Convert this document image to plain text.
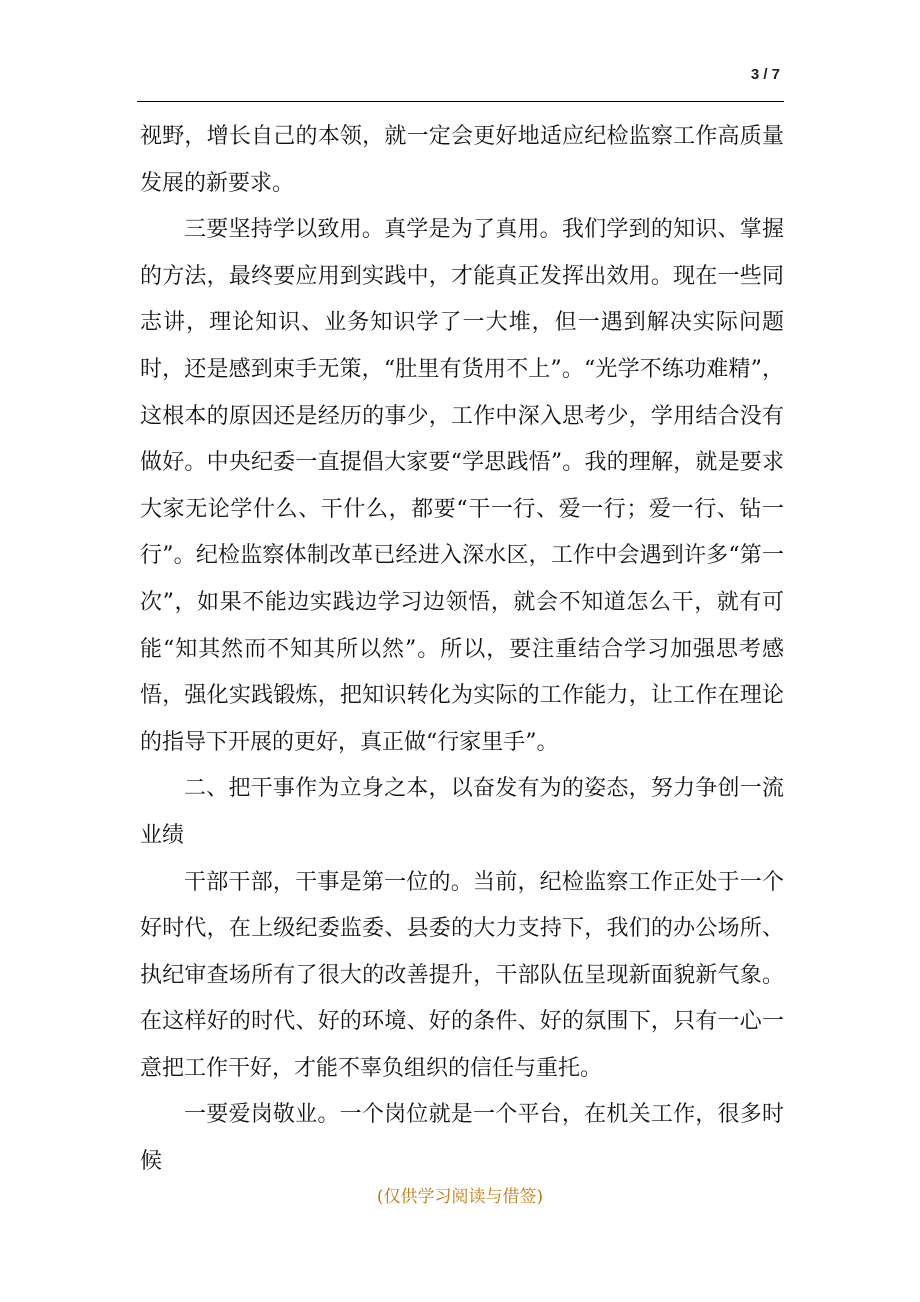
3 / 7

视野，增长自己的本领，就一定会更好地适应纪检监察工作高质量发展的新要求。

三要坚持学以致用。真学是为了真用。我们学到的知识、掌握的方法，最终要应用到实践中，才能真正发挥出效用。现在一些同志讲，理论知识、业务知识学了一大堆，但一遇到解决实际问题时，还是感到束手无策，“肚里有货用不上”。“光学不练功难精”，这根本的原因还是经历的事少，工作中深入思考少，学用结合没有做好。中央纪委一直提倡大家要“学思践悟”。我的理解，就是要求大家无论学什么、干什么，都要“干一行、爱一行；爱一行、钻一行”。纪检监察体制改革已经进入深水区，工作中会遇到许多“第一次”，如果不能边实践边学习边领悟，就会不知道怎么干，就有可能“知其然而不知其所以然”。所以，要注重结合学习加强思考感悟，强化实践锻炼，把知识转化为实际的工作能力，让工作在理论的指导下开展的更好，真正做“行家里手”。

二、把干事作为立身之本，以奋发有为的姿态，努力争创一流业绩

干部干部，干事是第一位的。当前，纪检监察工作正处于一个好时代，在上级纪委监委、县委的大力支持下，我们的办公场所、执纪审查场所有了很大的改善提升，干部队伍呈现新面貌新气象。在这样好的时代、好的环境、好的条件、好的氛围下，只有一心一意把工作干好，才能不辜负组织的信任与重托。

一要爱岗敬业。一个岗位就是一个平台，在机关工作，很多时候

(仅供学习阅读与借签)
